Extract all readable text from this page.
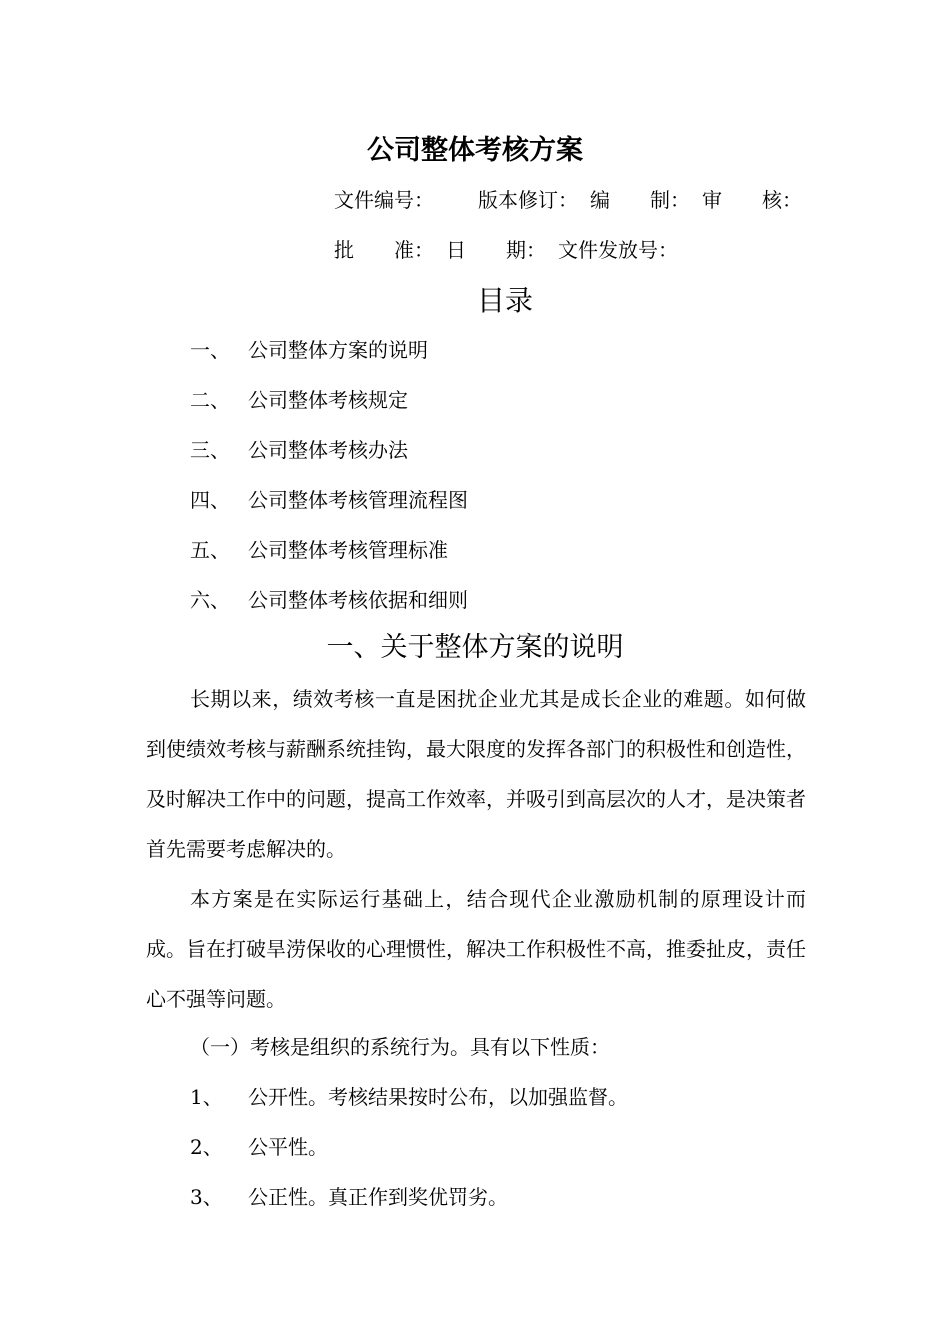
公司整体考核方案
文件编号： 版本修订： 编　　制： 审　　核：
批　　准： 日　　期： 文件发放号：
目录
一、 公司整体方案的说明
二、 公司整体考核规定
三、 公司整体考核办法
四、 公司整体考核管理流程图
五、 公司整体考核管理标准
六、 公司整体考核依据和细则
一、关于整体方案的说明

长期以来，绩效考核一直是困扰企业尤其是成长企业的难题。如何做到使绩效考核与薪酬系统挂钩，最大限度的发挥各部门的积极性和创造性，及时解决工作中的问题，提高工作效率，并吸引到高层次的人才，是决策者首先需要考虑解决的。

本方案是在实际运行基础上，结合现代企业激励机制的原理设计而成。旨在打破旱涝保收的心理惯性，解决工作积极性不高，推委扯皮，责任心不强等问题。

（一）考核是组织的系统行为。具有以下性质：
1、 公开性。考核结果按时公布，以加强监督。
2、 公平性。
3、 公正性。真正作到奖优罚劣。
